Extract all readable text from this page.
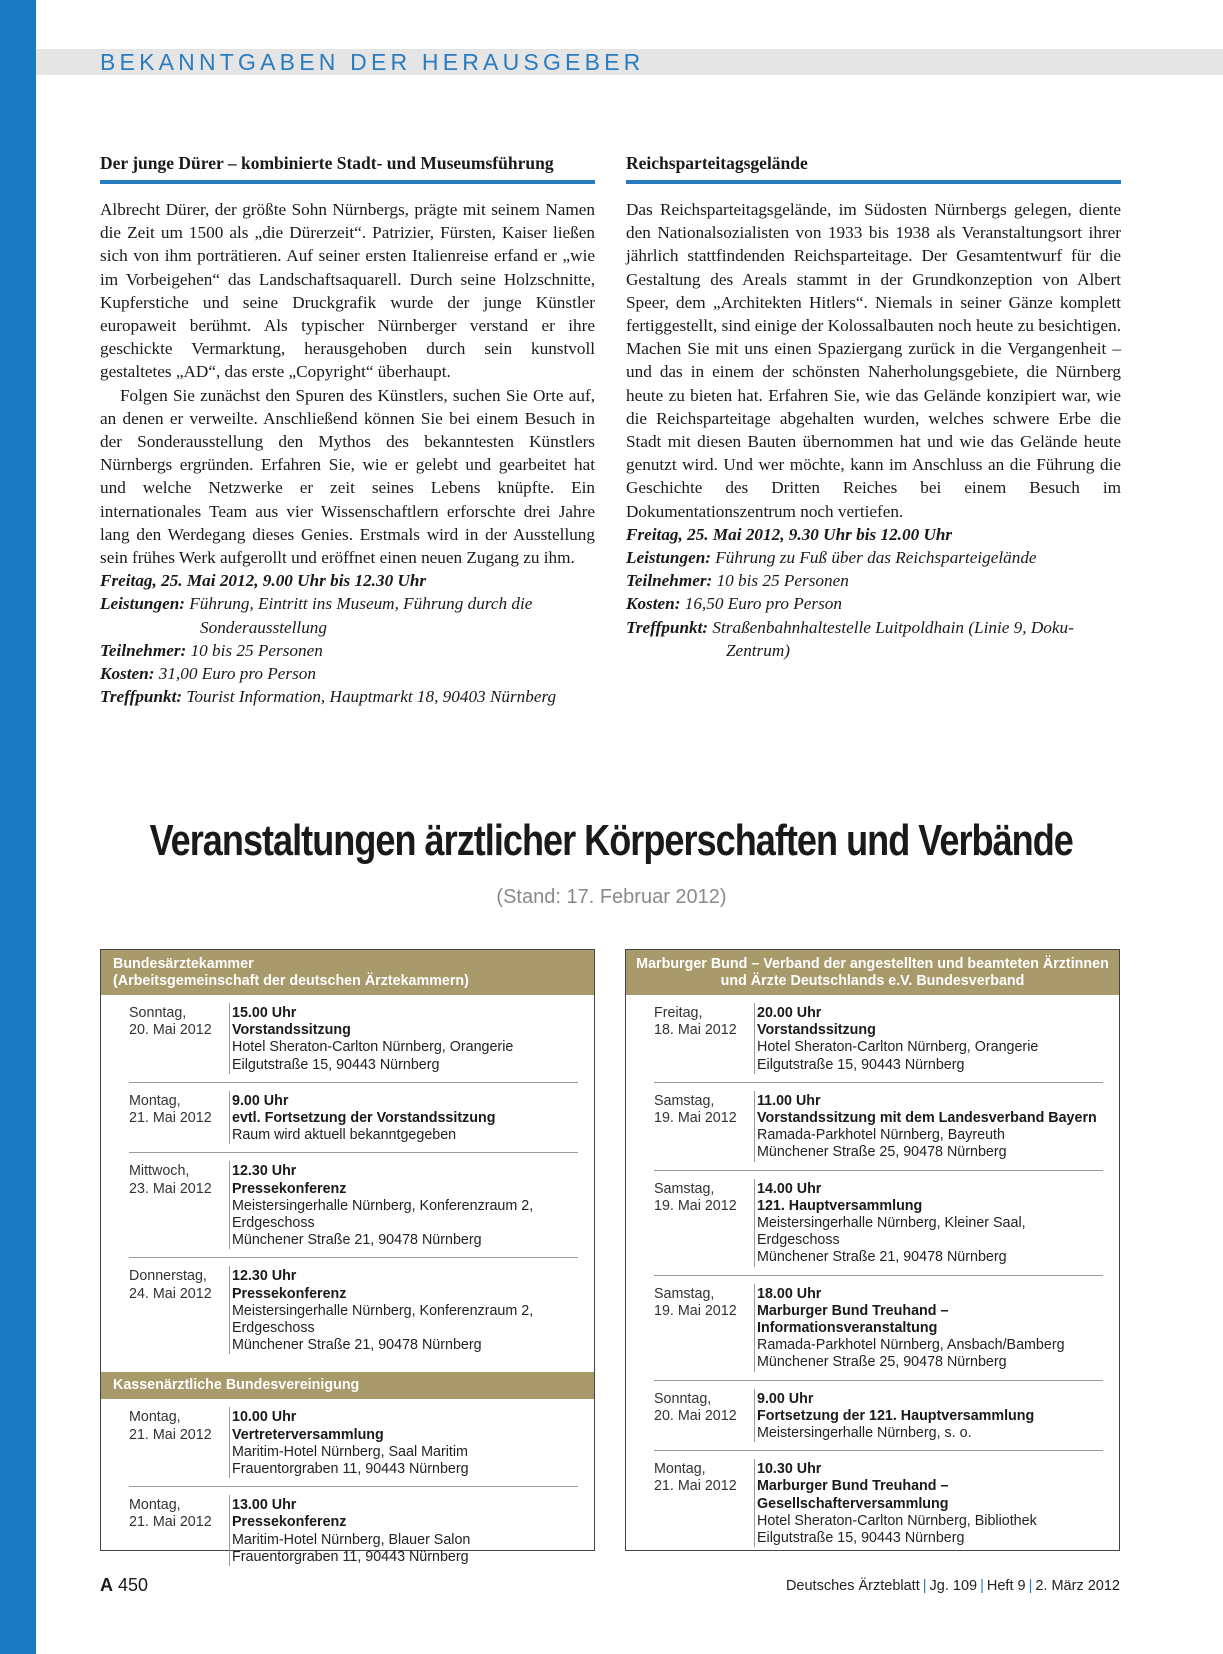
BEKANNTGABEN DER HERAUSGEBER
Der junge Dürer – kombinierte Stadt- und Museumsführung

Albrecht Dürer, der größte Sohn Nürnbergs, prägte mit seinem Namen die Zeit um 1500 als „die Dürerzeit“. Patrizier, Fürsten, Kaiser ließen sich von ihm porträtieren. Auf seiner ersten Italienreise erfand er „wie im Vorbeigehen“ das Landschaftsaquarell. Durch seine Holzschnitte, Kupferstiche und seine Druckgrafik wurde der junge Künstler europaweit berühmt. Als typischer Nürnberger verstand er ihre geschickte Vermarktung, herausgehoben durch sein kunstvoll gestaltetes „AD“, das erste „Copyright“ überhaupt.

Folgen Sie zunächst den Spuren des Künstlers, suchen Sie Orte auf, an denen er verweilte. Anschließend können Sie bei einem Besuch in der Sonderausstellung den Mythos des bekanntesten Künstlers Nürnbergs ergründen. Erfahren Sie, wie er gelebt und gearbeitet hat und welche Netzwerke er zeit seines Lebens knüpfte. Ein internationales Team aus vier Wissenschaftlern erforschte drei Jahre lang den Werdegang dieses Genies. Erstmals wird in der Ausstellung sein frühes Werk aufgerollt und eröffnet einen neuen Zugang zu ihm.

Freitag, 25. Mai 2012, 9.00 Uhr bis 12.30 Uhr

Leistungen: Führung, Eintritt ins Museum, Führung durch die Sonderausstellung

Teilnehmer: 10 bis 25 Personen

Kosten: 31,00 Euro pro Person

Treffpunkt: Tourist Information, Hauptmarkt 18, 90403 Nürnberg

Reichsparteitagsgelände

Das Reichsparteitagsgelände, im Südosten Nürnbergs gelegen, diente den Nationalsozialisten von 1933 bis 1938 als Veranstaltungsort ihrer jährlich stattfindenden Reichsparteitage. Der Gesamtentwurf für die Gestaltung des Areals stammt in der Grundkonzeption von Albert Speer, dem „Architekten Hitlers“. Niemals in seiner Gänze komplett fertiggestellt, sind einige der Kolossalbauten noch heute zu besichtigen. Machen Sie mit uns einen Spaziergang zurück in die Vergangenheit – und das in einem der schönsten Naherholungsgebiete, die Nürnberg heute zu bieten hat. Erfahren Sie, wie das Gelände konzipiert war, wie die Reichsparteitage abgehalten wurden, welches schwere Erbe die Stadt mit diesen Bauten übernommen hat und wie das Gelände heute genutzt wird. Und wer möchte, kann im Anschluss an die Führung die Geschichte des Dritten Reiches bei einem Besuch im Dokumentationszentrum noch vertiefen.

Freitag, 25. Mai 2012, 9.30 Uhr bis 12.00 Uhr

Leistungen: Führung zu Fuß über das Reichsparteigelände

Teilnehmer: 10 bis 25 Personen

Kosten: 16,50 Euro pro Person

Treffpunkt: Straßenbahnhaltestelle Luitpoldhain (Linie 9, Doku-Zentrum)

Veranstaltungen ärztlicher Körperschaften und Verbände
(Stand: 17. Februar 2012)
Bundesärztekammer
(Arbeitsgemeinschaft der deutschen Ärztekammern)
Sonntag,
20. Mai 2012
15.00 Uhr
Vorstandssitzung
Hotel Sheraton-Carlton Nürnberg, Orangerie
Eilgutstraße 15, 90443 Nürnberg
Montag,
21. Mai 2012
9.00 Uhr
evtl. Fortsetzung der Vorstandssitzung
Raum wird aktuell bekanntgegeben
Mittwoch,
23. Mai 2012
12.30 Uhr
Pressekonferenz
Meistersingerhalle Nürnberg, Konferenzraum 2,
Erdgeschoss
Münchener Straße 21, 90478 Nürnberg
Donnerstag,
24. Mai 2012
12.30 Uhr
Pressekonferenz
Meistersingerhalle Nürnberg, Konferenzraum 2,
Erdgeschoss
Münchener Straße 21, 90478 Nürnberg
Kassenärztliche Bundesvereinigung
Montag,
21. Mai 2012
10.00 Uhr
Vertreterversammlung
Maritim-Hotel Nürnberg, Saal Maritim
Frauentorgraben 11, 90443 Nürnberg
Montag,
21. Mai 2012
13.00 Uhr
Pressekonferenz
Maritim-Hotel Nürnberg, Blauer Salon
Frauentorgraben 11, 90443 Nürnberg
Marburger Bund – Verband der angestellten und beamteten Ärztinnen
und Ärzte Deutschlands e.V. Bundesverband
Freitag,
18. Mai 2012
20.00 Uhr
Vorstandssitzung
Hotel Sheraton-Carlton Nürnberg, Orangerie
Eilgutstraße 15, 90443 Nürnberg
Samstag,
19. Mai 2012
11.00 Uhr
Vorstandssitzung mit dem Landesverband Bayern
Ramada-Parkhotel Nürnberg, Bayreuth
Münchener Straße 25, 90478 Nürnberg
Samstag,
19. Mai 2012
14.00 Uhr
121. Hauptversammlung
Meistersingerhalle Nürnberg, Kleiner Saal,
Erdgeschoss
Münchener Straße 21, 90478 Nürnberg
Samstag,
19. Mai 2012
18.00 Uhr
Marburger Bund Treuhand – Informationsveranstaltung
Ramada-Parkhotel Nürnberg, Ansbach/Bamberg
Münchener Straße 25, 90478 Nürnberg
Sonntag,
20. Mai 2012
9.00 Uhr
Fortsetzung der 121. Hauptversammlung
Meistersingerhalle Nürnberg, s. o.
Montag,
21. Mai 2012
10.30 Uhr
Marburger Bund Treuhand – Gesellschafterversammlung
Hotel Sheraton-Carlton Nürnberg, Bibliothek
Eilgutstraße 15, 90443 Nürnberg
A 450	Deutsches Ärzteblatt | Jg. 109 | Heft 9 | 2. März 2012
